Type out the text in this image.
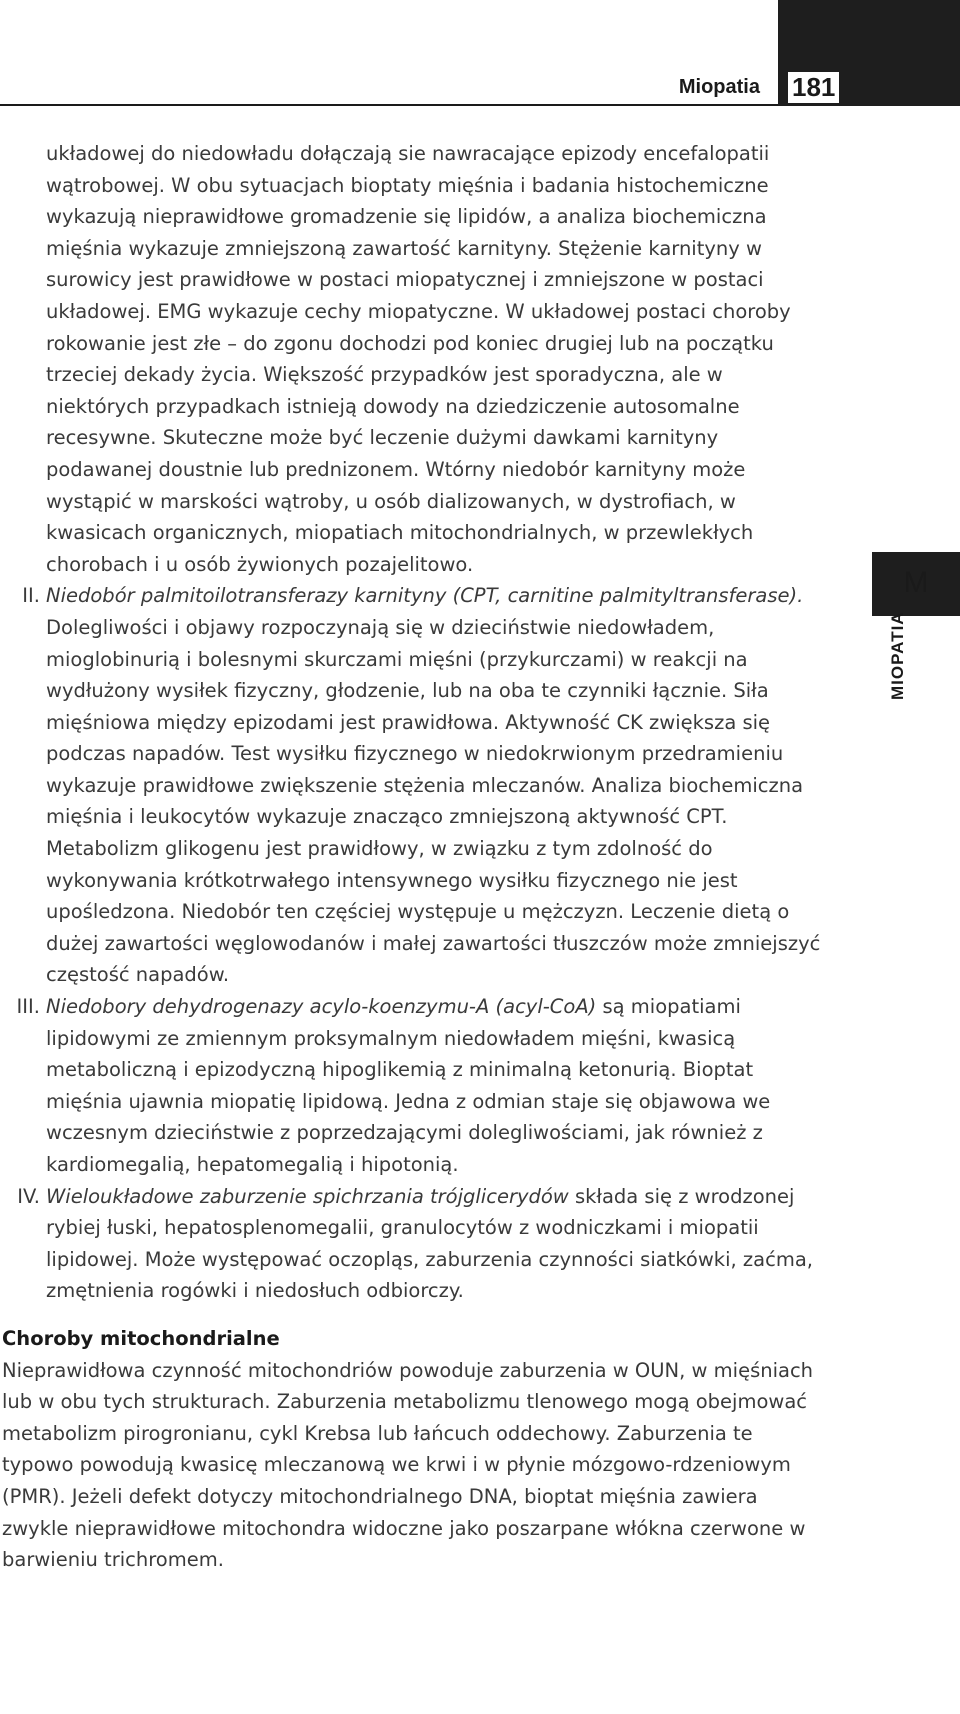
Miopatia 181
M
MIOPATIA

układowej do niedowładu dołączają sie nawracające epizody encefalopatii wątrobowej. W obu sytuacjach bioptaty mięśnia i badania histochemiczne wykazują nieprawidłowe gromadzenie się lipidów, a analiza biochemiczna mięśnia wykazuje zmniejszoną zawartość karnityny. Stężenie karnityny w surowicy jest prawidłowe w postaci miopatycznej i zmniejszone w postaci układowej. EMG wykazuje cechy miopatyczne. W układowej postaci choroby rokowanie jest złe – do zgonu dochodzi pod koniec drugiej lub na początku trzeciej dekady życia. Większość przypadków jest sporadyczna, ale w niektórych przypadkach istnieją dowody na dziedziczenie autosomalne recesywne. Skuteczne może być leczenie dużymi dawkami karnityny podawanej doustnie lub prednizonem. Wtórny niedobór karnityny może wystąpić w marskości wątroby, u osób dializowanych, w dystrofiach, w kwasicach organicznych, miopatiach mitochondrialnych, w przewlekłych chorobach i u osób żywionych pozajelitowo.

II. Niedobór palmitoilotransferazy karnityny (CPT, carnitine palmityltransferase). Dolegliwości i objawy rozpoczynają się w dzieciństwie niedowładem, mioglobinurią i bolesnymi skurczami mięśni (przykurczami) w reakcji na wydłużony wysiłek fizyczny, głodzenie, lub na oba te czynniki łącznie. Siła mięśniowa między epizodami jest prawidłowa. Aktywność CK zwiększa się podczas napadów. Test wysiłku fizycznego w niedokrwionym przedramieniu wykazuje prawidłowe zwiększenie stężenia mleczanów. Analiza biochemiczna mięśnia i leukocytów wykazuje znacząco zmniejszoną aktywność CPT. Metabolizm glikogenu jest prawidłowy, w związku z tym zdolność do wykonywania krótkotrwałego intensywnego wysiłku fizycznego nie jest upośledzona. Niedobór ten częściej występuje u mężczyzn. Leczenie dietą o dużej zawartości węglowodanów i małej zawartości tłuszczów może zmniejszyć częstość napadów.
III. Niedobory dehydrogenazy acylo-koenzymu-A (acyl-CoA) są miopatiami lipidowymi ze zmiennym proksymalnym niedowładem mięśni, kwasicą metaboliczną i epizodyczną hipoglikemią z minimalną ketonurią. Bioptat mięśnia ujawnia miopatię lipidową. Jedna z odmian staje się objawowa we wczesnym dzieciństwie z poprzedzającymi dolegliwościami, jak również z kardiomegalią, hepatomegalią i hipotonią.
IV. Wieloukładowe zaburzenie spichrzania trójglicerydów składa się z wrodzonej rybiej łuski, hepatosplenomegalii, granulocytów z wodniczkami i miopatii lipidowej. Może występować oczopląs, zaburzenia czynności siatkówki, zaćma, zmętnienia rogówki i niedosłuch odbiorczy.

Choroby mitochondrialne

Nieprawidłowa czynność mitochondriów powoduje zaburzenia w OUN, w mięśniach lub w obu tych strukturach. Zaburzenia metabolizmu tlenowego mogą obejmować metabolizm pirogronianu, cykl Krebsa lub łańcuch oddechowy. Zaburzenia te typowo powodują kwasicę mleczanową we krwi i w płynie mózgowo-rdzeniowym (PMR). Jeżeli defekt dotyczy mitochondrialnego DNA, bioptat mięśnia zawiera zwykle nieprawidłowe mitochondra widoczne jako poszarpane włókna czerwone w barwieniu trichromem.
